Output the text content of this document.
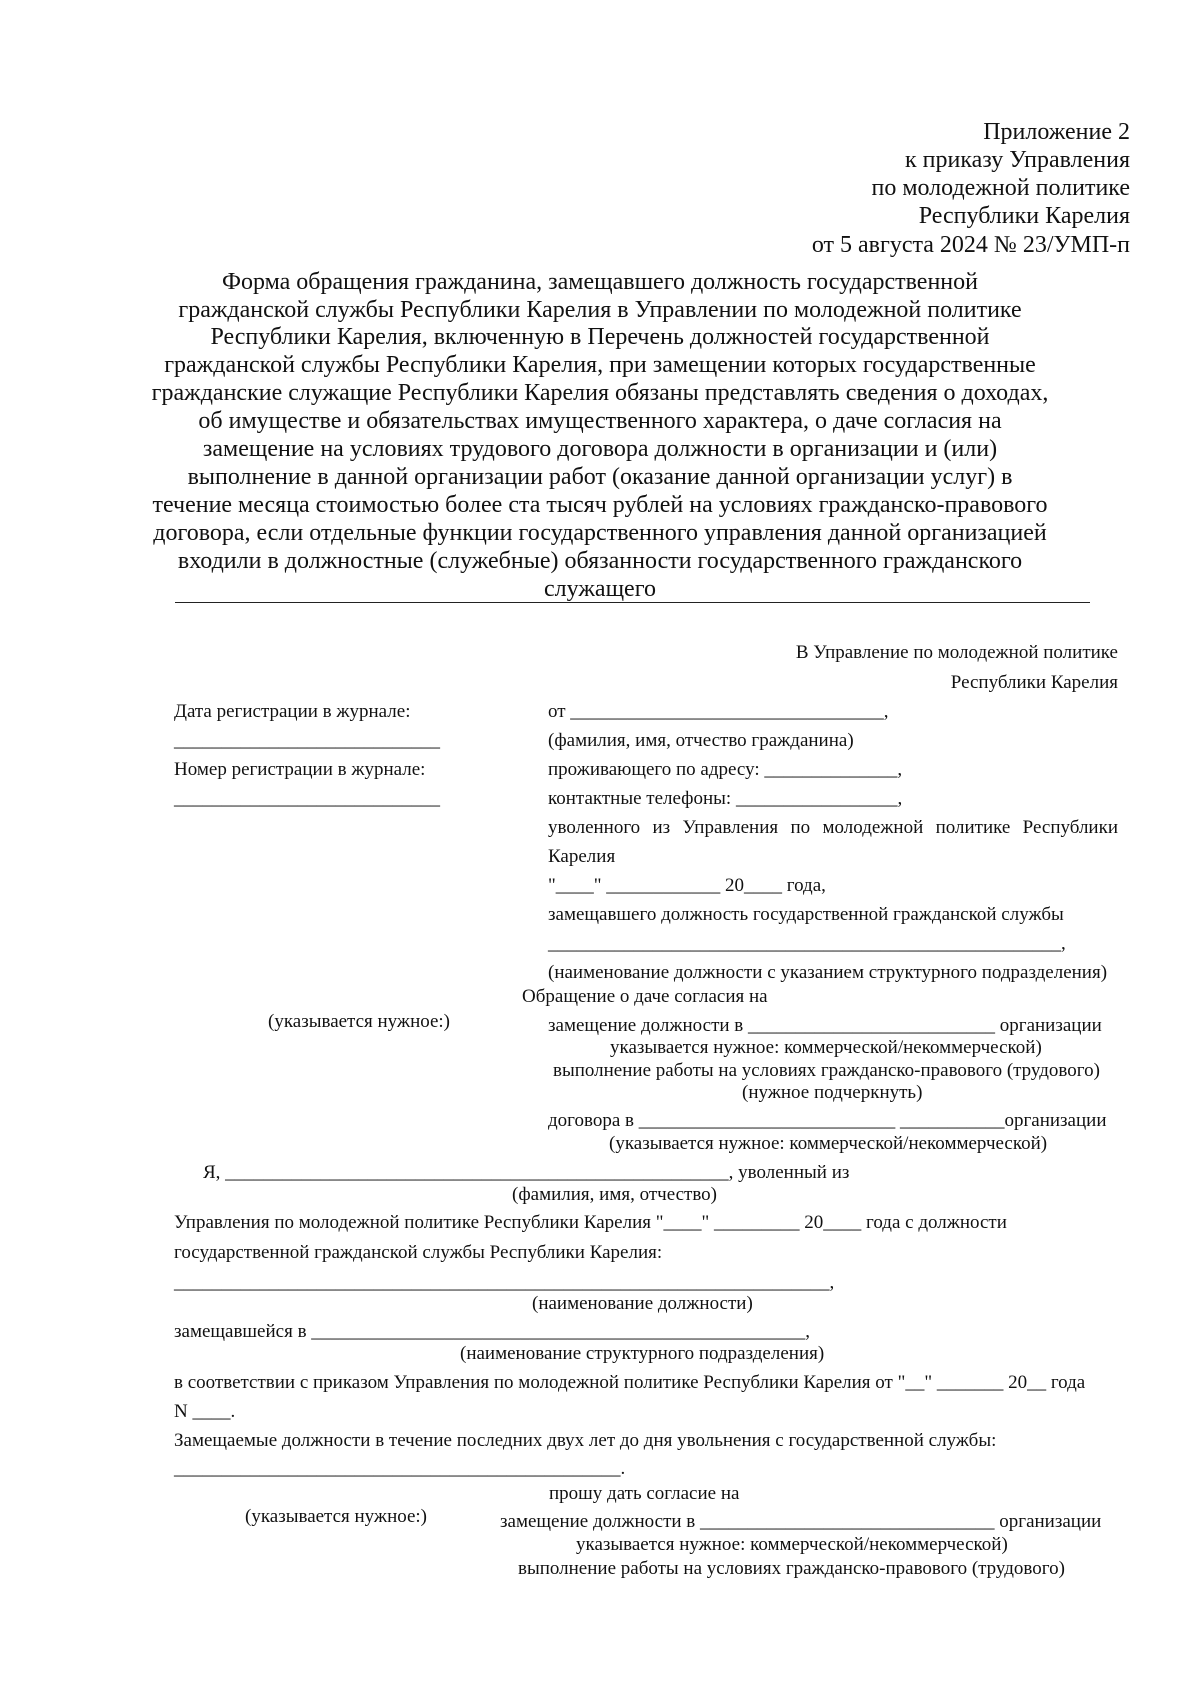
Приложение 2
к приказу Управления
по молодежной политике
Республики Карелия
от 5 августа 2024 № 23/УМП-п
Форма обращения гражданина, замещавшего должность государственной
гражданской службы Республики Карелия в Управлении по молодежной политике
Республики Карелия, включенную в Перечень должностей государственной
гражданской службы Республики Карелия, при замещении которых государственные
гражданские служащие Республики Карелия обязаны представлять сведения о доходах,
об имуществе и обязательствах имущественного характера, о даче согласия на
замещение на условиях трудового договора должности в организации и (или)
выполнение в данной организации работ (оказание данной организации услуг) в
течение месяца стоимостью более ста тысяч рублей на условиях гражданско-правового
договора, если отдельные функции государственного управления данной организацией
входили в должностные (служебные) обязанности государственного гражданского
служащего
В Управление по молодежной политике
Республики Карелия
Дата регистрации в журнале:
____________________________
Номер регистрации в журнале:
____________________________
от _________________________________,
(фамилия, имя, отчество гражданина)
проживающего по адресу: ______________,
контактные телефоны: _________________,
уволенного из Управления по молодежной политике Республики
Карелия
"____" ____________ 20____ года,
замещавшего должность государственной гражданской службы
______________________________________________________,
(наименование должности с указанием структурного подразделения)
Обращение о даче согласия на
(указывается нужное:)	замещение должности в __________________________ организации
указывается нужное: коммерческой/некоммерческой)
выполнение работы на условиях гражданско-правового (трудового)
(нужное подчеркнуть)
договора в ___________________________ ___________организации
(указывается нужное: коммерческой/некоммерческой)
Я, _____________________________________________________, уволенный из
(фамилия, имя, отчество)
Управления по молодежной политике Республики Карелия "____" _________ 20____ года с должности
государственной гражданской службы Республики Карелия:
_____________________________________________________________________,
(наименование должности)
замещавшейся в ____________________________________________________,
(наименование структурного подразделения)
в соответствии с приказом Управления по молодежной политике Республики Карелия от "__" _______ 20__ года
N ____.
Замещаемые должности в течение последних двух лет до дня увольнения с государственной службы:
_______________________________________________.
прошу дать согласие на
(указывается нужное:)	замещение должности в _______________________________ организации
указывается нужное: коммерческой/некоммерческой)
выполнение работы на условиях гражданско-правового (трудового)
